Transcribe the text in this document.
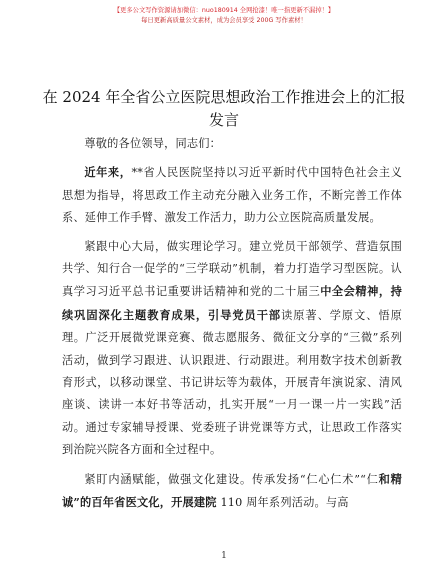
【更多公文写作资源请加微信：nuo180914 全网抢漆！唯一指更新不漏掉！】
每日更新高质量公文素材，成为会员享受 200G 写作素材！
在 2024 年全省公立医院思想政治工作推进会上的汇报发言

尊敬的各位领导，同志们：

近年来，**省人民医院坚持以习近平新时代中国特色社会主义思想为指导，将思政工作主动充分融入业务工作，不断完善工作体系、延伸工作手臂、激发工作活力，助力公立医院高质量发展。

紧跟中心大局，做实理论学习。建立党员干部领学、营造氛围共学、知行合一促学的“三学联动”机制，着力打造学习型医院。认真学习习近平总书记重要讲话精神和党的二十届三中全会精神，持续巩固深化主题教育成果，引导党员干部读原著、学原文、悟原理。广泛开展微党课竞赛、微志愿服务、微征文分享的“三微”系列活动，做到学习跟进、认识跟进、行动跟进。利用数字技术创新教育形式，以移动课堂、书记讲坛等为载体，开展青年演说家、清风座谈、读讲一本好书等活动，扎实开展“一月一课一片一实践”活动。通过专家辅导授课、党委班子讲党课等方式，让思政工作落实到治院兴院各方面和全过程中。

紧盯内涵赋能，做强文化建设。传承发扬“仁心仁术”“仁和精诚”的百年省医文化，开展建院 110 周年系列活动。与高

1
